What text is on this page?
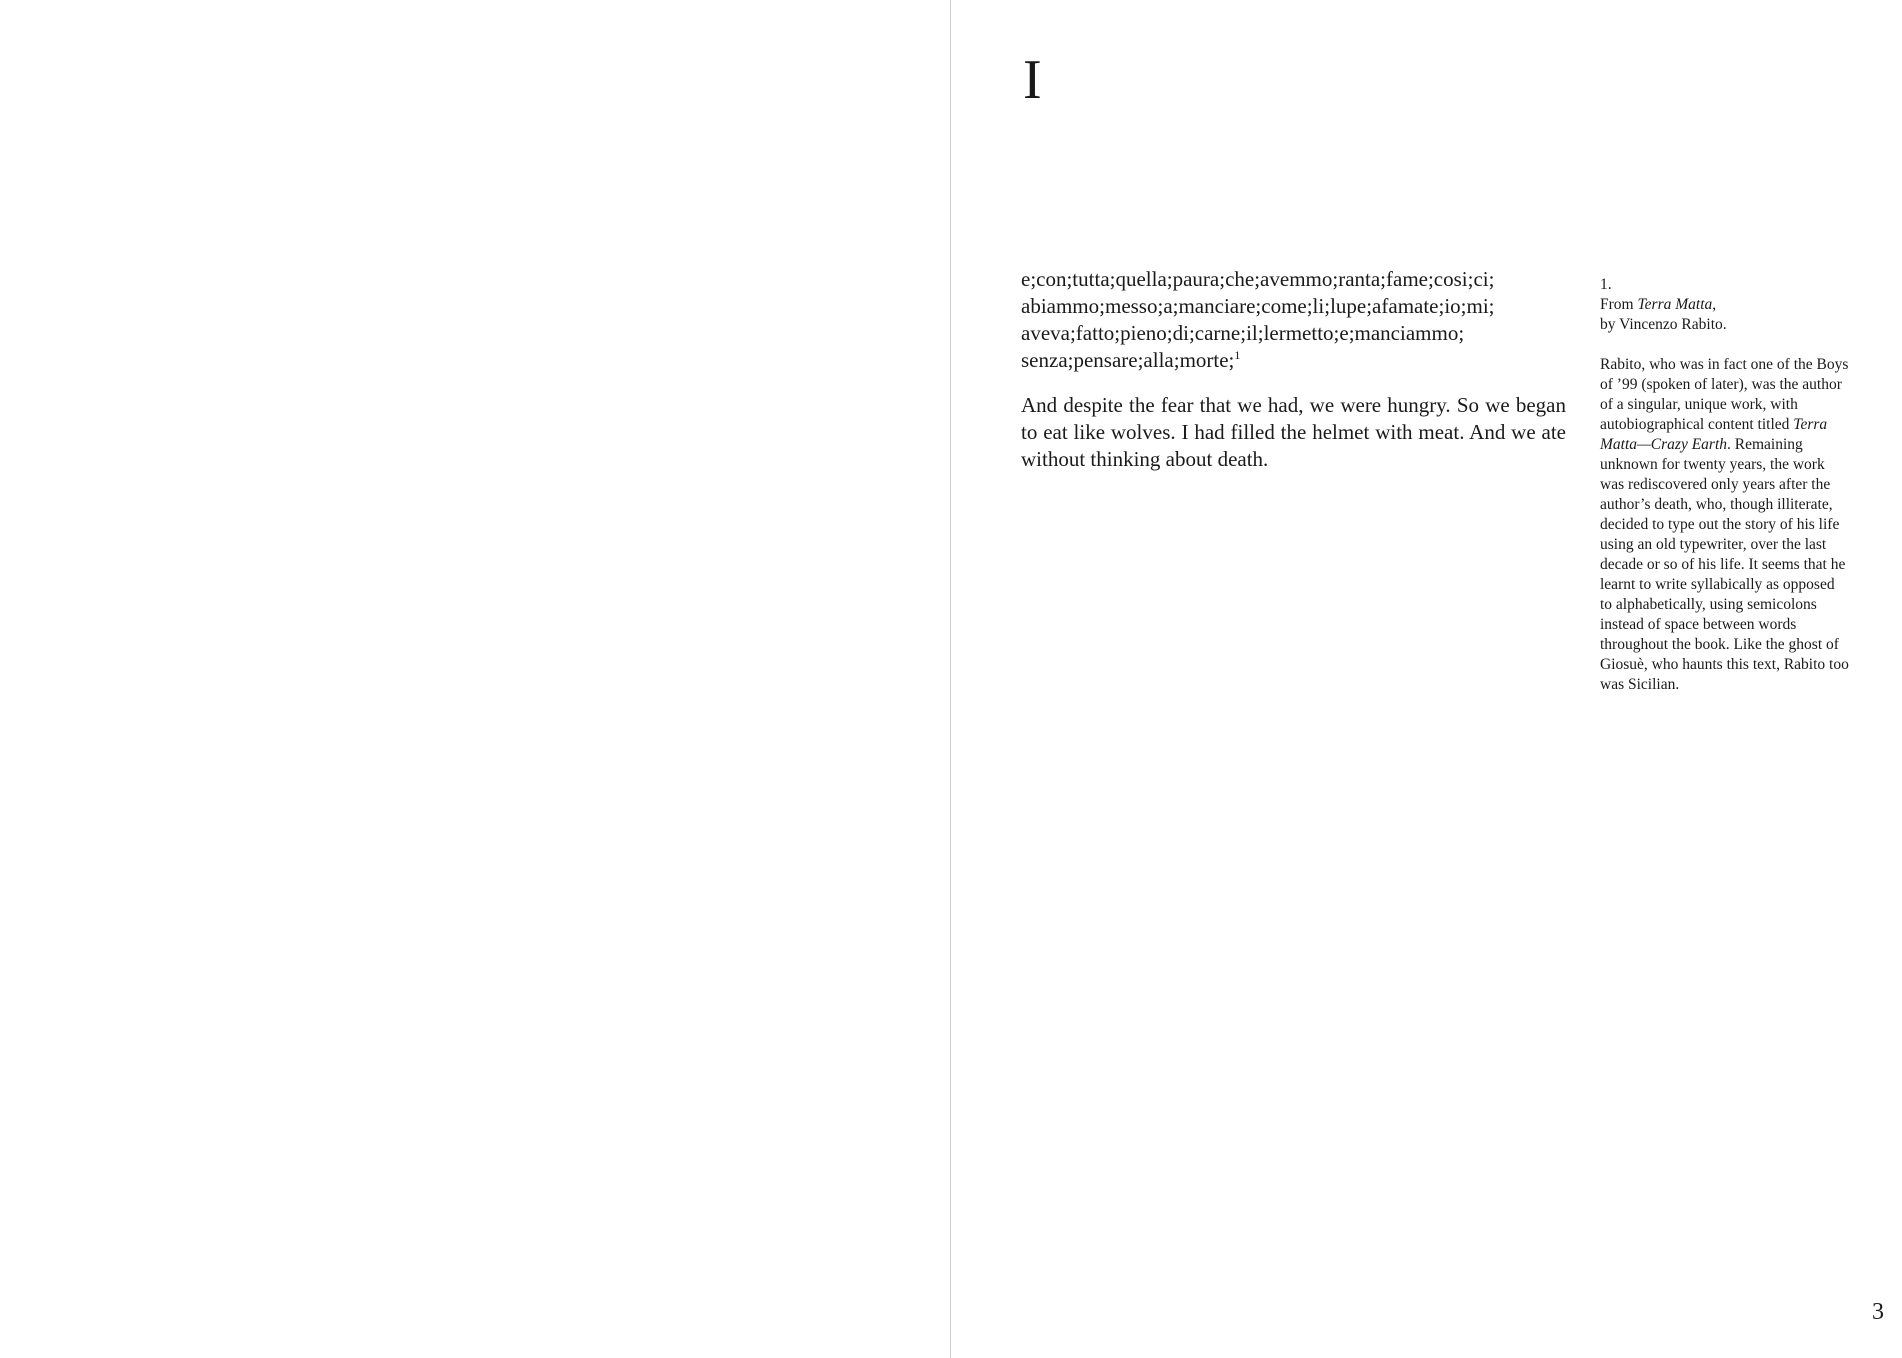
I

e;con;tutta;quella;paura;che;avemmo;ranta;fame;cosi;ci;
abiammo;messo;a;manciare;come;li;lupe;afamate;io;mi;
aveva;fatto;pieno;di;carne;il;lermetto;e;manciammo;
senza;pensare;alla;morte;$^1$

And despite the fear that we had, we were hungry. So we began to eat like wolves. I had filled the helmet with meat. And we ate without thinking about death.

1.

From Terra Matta,
by Vincenzo Rabito.

Rabito, who was in fact one of the Boys of ’99 (spoken of later), was the author of a singular, unique work, with autobiographical content titled Terra Matta—Crazy Earth. Remaining unknown for twenty years, the work was rediscovered only years after the author’s death, who, though illiterate, decided to type out the story of his life using an old typewriter, over the last decade or so of his life. It seems that he learnt to write syllabically as opposed to alphabetically, using semicolons instead of space between words throughout the book. Like the ghost of Giosuè, who haunts this text, Rabito too was Sicilian.

3
